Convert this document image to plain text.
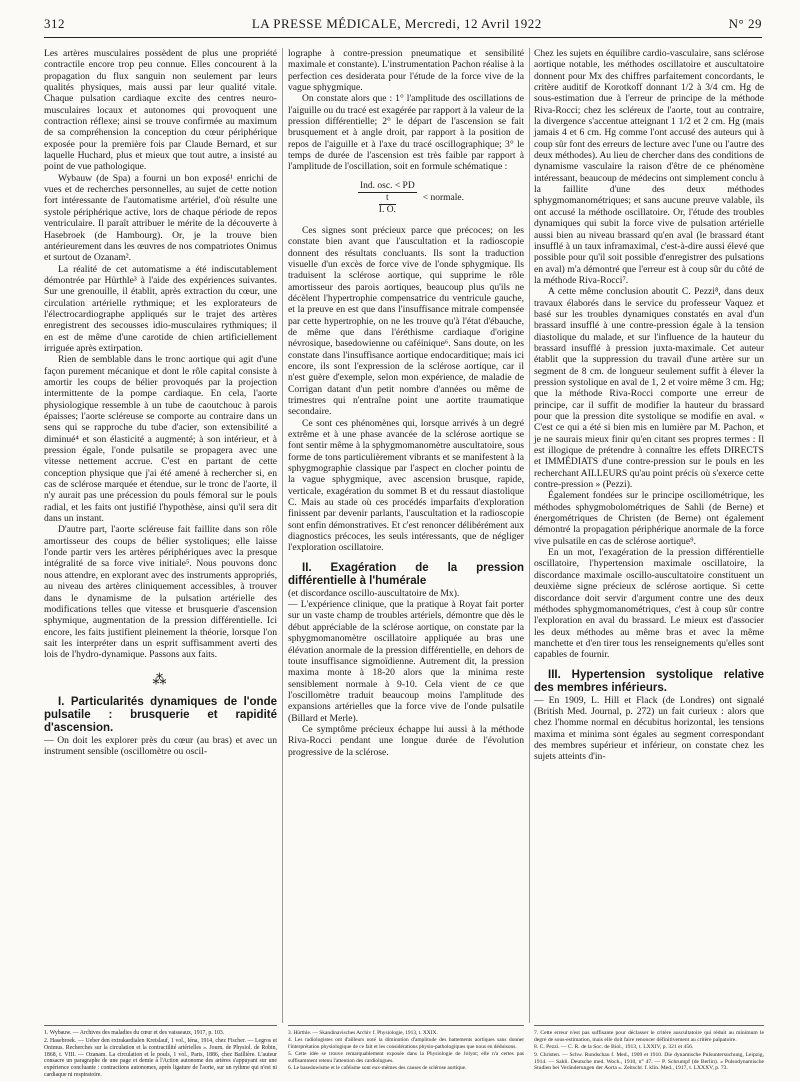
312	LA PRESSE MÉDICALE, Mercredi, 12 Avril 1922	N° 29

Les artères musculaires possèdent de plus une propriété contractile encore trop peu connue. Elles concourent à la propagation du flux sanguin non seulement par leurs qualités physiques, mais aussi par leur qualité vitale. Chaque pulsation cardiaque excite des centres neuro-musculaires locaux et autonomes qui provoquent une contraction réflexe; ainsi se trouve confirmée au maximum de sa compréhension la conception du cœur périphérique exposée pour la première fois par Claude Bernard, et sur laquelle Huchard, plus et mieux que tout autre, a insisté au point de vue pathologique.

Wybauw (de Spa) a fourni un bon exposé¹ enrichi de vues et de recherches personnelles, au sujet de cette notion fort intéressante de l'automatisme artériel, d'où résulte une systole périphérique active, lors de chaque période de repos ventriculaire. Il paraît attribuer le mérite de la découverte à Hasebroek (de Hambourg). Or, je la trouve bien antérieurement dans les œuvres de nos compatriotes Onimus et surtout de Ozanam².

La réalité de cet automatisme a été indiscutablement démontrée par Hürthle³ à l'aide des expériences suivantes. Sur une grenouille, il établit, après extraction du cœur, une circulation artérielle rythmique; et les explorateurs de l'électrocardiographe appliqués sur le trajet des artères enregistrent des secousses idio-musculaires rythmiques; il en est de même d'une carotide de chien artificiellement irriguée après extirpation.

Rien de semblable dans le tronc aortique qui agit d'une façon purement mécanique et dont le rôle capital consiste à amortir les coups de bélier provoqués par la projection intermittente de la pompe cardiaque. En cela, l'aorte physiologique ressemble à un tube de caoutchouc à parois épaisses; l'aorte scléreuse se comporte au contraire dans un sens qui se rapproche du tube d'acier, son extensibilité a diminué⁴ et son élasticité a augmenté; à son intérieur, et à pression égale, l'onde pulsatile se propagera avec une vitesse nettement accrue. C'est en partant de cette conception physique que j'ai été amené à rechercher si, en cas de sclérose marquée et étendue, sur le tronc de l'aorte, il n'y aurait pas une précession du pouls fémoral sur le pouls radial, et les faits ont justifié l'hypothèse, ainsi qu'il sera dit dans un instant.

D'autre part, l'aorte scléreuse fait faillite dans son rôle amortisseur des coups de bélier systoliques; elle laisse l'onde partir vers les artères périphériques avec la presque intégralité de sa force vive initiale⁵. Nous pouvons donc nous attendre, en explorant avec des instruments appropriés, au niveau des artères cliniquement accessibles, à trouver dans le dynamisme de la pulsation artérielle des modifications telles que vitesse et brusquerie d'ascension sphymique, augmentation de la pression différentielle. Ici encore, les faits justifient pleinement la théorie, lorsque l'on sait les interpréter dans un esprit suffisamment averti des lois de l'hydro-dynamique. Passons aux faits.

⁂

I. Particularités dynamiques de l'onde pulsatile : brusquerie et rapidité d'ascension.

— On doit les explorer près du cœur (au bras) et avec un instrument sensible (oscillomètre ou oscil-

lographe à contre-pression pneumatique et sensibilité maximale et constante). L'instrumentation Pachon réalise à la perfection ces desiderata pour l'étude de la force vive de la vague sphygmique.

On constate alors que : 1° l'amplitude des oscillations de l'aiguille ou du tracé est exagérée par rapport à la valeur de la pression différentielle; 2° le départ de l'ascension se fait brusquement et à angle droit, par rapport à la position de repos de l'aiguille et à l'axe du tracé oscillographique; 3° le temps de durée de l'ascension est très faible par rapport à l'amplitude de l'oscillation, soit en formule schématique :

Ind. osc. < PD
t
I. O.
< normale.

Ces signes sont précieux parce que précoces; on les constate bien avant que l'auscultation et la radioscopie donnent des résultats concluants. Ils sont la traduction visuelle d'un excès de force vive de l'onde sphygmique. Ils traduisent la sclérose aortique, qui supprime le rôle amortisseur des parois aortiques, beaucoup plus qu'ils ne décèlent l'hypertrophie compensatrice du ventricule gauche, et la preuve en est que dans l'insuffisance mitrale compensée par cette hypertrophie, on ne les trouve qu'à l'état d'ébauche, de même que dans l'éréthisme cardiaque d'origine névrosique, basedowienne ou caféinique⁶. Sans doute, on les constate dans l'insuffisance aortique endocarditique; mais ici encore, ils sont l'expression de la sclérose aortique, car il n'est guère d'exemple, selon mon expérience, de maladie de Corrigan datant d'un petit nombre d'années ou même de trimestres qui n'entraîne point une aortite traumatique secondaire.

Ce sont ces phénomènes qui, lorsque arrivés à un degré extrême et à une phase avancée de la sclérose aortique se font sentir même à la sphygmomanomètre auscultatoire, sous forme de tons particulièrement vibrants et se manifestent à la sphygmographie classique par l'aspect en clocher pointu de la vague sphygmique, avec ascension brusque, rapide, verticale, exagération du sommet B et du ressaut diastolique C. Mais au stade où ces procédés imparfaits d'exploration finissent par devenir parlants, l'auscultation et la radioscopie sont enfin démonstratives. Et c'est renoncer délibérément aux diagnostics précoces, les seuls intéressants, que de négliger l'exploration oscillatoire.

II. Exagération de la pression différentielle à l'humérale

(et discordance oscillo-auscultatoire de Mx).

— L'expérience clinique, que la pratique à Royat fait porter sur un vaste champ de troubles artériels, démontre que dès le début appréciable de la sclérose aortique, on constate par la sphygmomanomètre oscillatoire appliquée au bras une élévation anormale de la pression différentielle, en dehors de toute insuffisance sigmoïdienne. Autrement dit, la pression maxima monte à 18-20 alors que la minima reste sensiblement normale à 9-10. Cela vient de ce que l'oscillomètre traduit beaucoup moins l'amplitude des expansions artérielles que la force vive de l'onde pulsatile (Billard et Merle).

Ce symptôme précieux échappe lui aussi à la méthode Riva-Rocci pendant une longue durée de l'évolution progressive de la sclérose.

Chez les sujets en équilibre cardio-vasculaire, sans sclérose aortique notable, les méthodes oscillatoire et auscultatoire donnent pour Mx des chiffres parfaitement concordants, le critère auditif de Korotkoff donnant 1/2 à 3/4 cm. Hg de sous-estimation due à l'erreur de principe de la méthode Riva-Rocci; chez les scléreux de l'aorte, tout au contraire, la divergence s'accentue atteignant 1 1/2 et 2 cm. Hg (mais jamais 4 et 6 cm. Hg comme l'ont accusé des auteurs qui à coup sûr font des erreurs de lecture avec l'une ou l'autre des deux méthodes). Au lieu de chercher dans des conditions de dynamisme vasculaire la raison d'être de ce phénomène intéressant, beaucoup de médecins ont simplement conclu à la faillite d'une des deux méthodes sphygmomanométriques; et sans aucune preuve valable, ils ont accusé la méthode oscillatoire. Or, l'étude des troubles dynamiques qui subit la force vive de pulsation artérielle aussi bien au niveau brassard qu'en aval (le brassard étant insufflé à un taux inframaximal, c'est-à-dire aussi élevé que possible pour qu'il soit possible d'enregistrer des pulsations en aval) m'a démontré que l'erreur est à coup sûr du côté de la méthode Riva-Rocci⁷.

A cette même conclusion aboutit C. Pezzi⁸, dans deux travaux élaborés dans le service du professeur Vaquez et basé sur les troubles dynamiques constatés en aval d'un brassard insufflé à une contre-pression égale à la tension diastolique du malade, et sur l'influence de la hauteur du brassard insufflé à pression juxta-maximale. Cet auteur établit que la suppression du travail d'une artère sur un segment de 8 cm. de longueur seulement suffit à élever la pression systolique en aval de 1, 2 et voire même 3 cm. Hg; que la méthode Riva-Rocci comporte une erreur de principe, car il suffit de modifier la hauteur du brassard pour que la pression dite systolique se modifie en aval. « C'est ce qui a été si bien mis en lumière par M. Pachon, et je ne saurais mieux finir qu'en citant ses propres termes : Il est illogique de prétendre à connaître les effets DIRECTS et IMMÉDIATS d'une contre-pression sur le pouls en les recherchant AILLEURS qu'au point précis où s'exerce cette contre-pression » (Pezzi).

Également fondées sur le principe oscillométrique, les méthodes sphygmobolométriques de Sahli (de Berne) et énergométriques de Christen (de Berne) ont également démontré la propagation périphérique anormale de la force vive pulsatile en cas de sclérose aortique⁹.

En un mot, l'exagération de la pression différentielle oscillatoire, l'hypertension maximale oscillatoire, la discordance maximale oscillo-auscultatoire constituent un deuxième signe précieux de sclérose aortique. Si cette discordance doit servir d'argument contre une des deux méthodes sphygmomanométriques, c'est à coup sûr contre l'exploration en aval du brassard. Le mieux est d'associer les deux méthodes au même bras et avec la même manchette et d'en tirer tous les renseignements qu'elles sont capables de fournir.

III. Hypertension systolique relative des membres inférieurs.

— En 1909, L. Hill et Flack (de Londres) ont signalé (British Med. Journal, p. 272) un fait curieux : alors que chez l'homme normal en décubitus horizontal, les tensions maxima et minima sont égales au segment correspondant des membres supérieur et inférieur, on constate chez les sujets atteints d'in-

1. Wybauw. — Archives des maladies du cœur et des vaisseaux, 1917, p. 103.

2. Hasebroek. — Ueber den extrakardialen Kreislauf, 1 vol., Iéna, 1914, chez Fischer. — Legros et Onimus. Recherches sur la circulation et la contractilité artérielles ». Journ. de Physiol. de Robin, 1868, t. VIII. — Ozanam. La circulation et le pouls, 1 vol., Paris, 1886, chez Baillière. L'auteur consacre un paragraphe de une page et demie à l'Action autonome des artères s'appuyant sur une expérience concluante : contractions autonomes, après ligature de l'aorte, sur un rythme qui n'est ni cardiaque ni respiratoire.

3. Hürthle. — Skandinavisches Archiv f. Physiologie, 1913, t. XXIX.

4. Les radiologistes ont d'ailleurs noté la diminution d'amplitude des battements aortiques sans donner l'interprétation physiologique de ce fait et les considérations physio-pathologiques que nous en déduisons.

5. Cette idée se trouve remarquablement exposée dans la Physiologie de Jolyot; elle n'a certes pas suffisamment retenu l'attention des cardiologues.

6. Le basedowisme et le caféisme sont eux-mêmes des causes de sclérose aortique.

7. Cette erreur n'est pas suffisante pour déclasser le critère auscultatoire qui réduit au minimum le degré de sous-estimation, mais elle doit faire renoncer définitivement au critère palpatoire.

8. C. Pezzi. — C. R. de la Soc. de Biol., 1913, t. LXXIV, p. 321 et 456.

9. Christen. — Schw. Rundschau f. Med., 1909 et 1910. Die dynamische Pulsuntersuchung, Leipzig, 1914. — Sahli. Deutsche med. Woch., 1910, n° 47. — P. Schrumpf (de Berlin). « Pulsodynamische Studien bei Veränderungen der Aorta ». Zeitschr. f. klin. Med., 1917, t. LXXXV, p. 73.
